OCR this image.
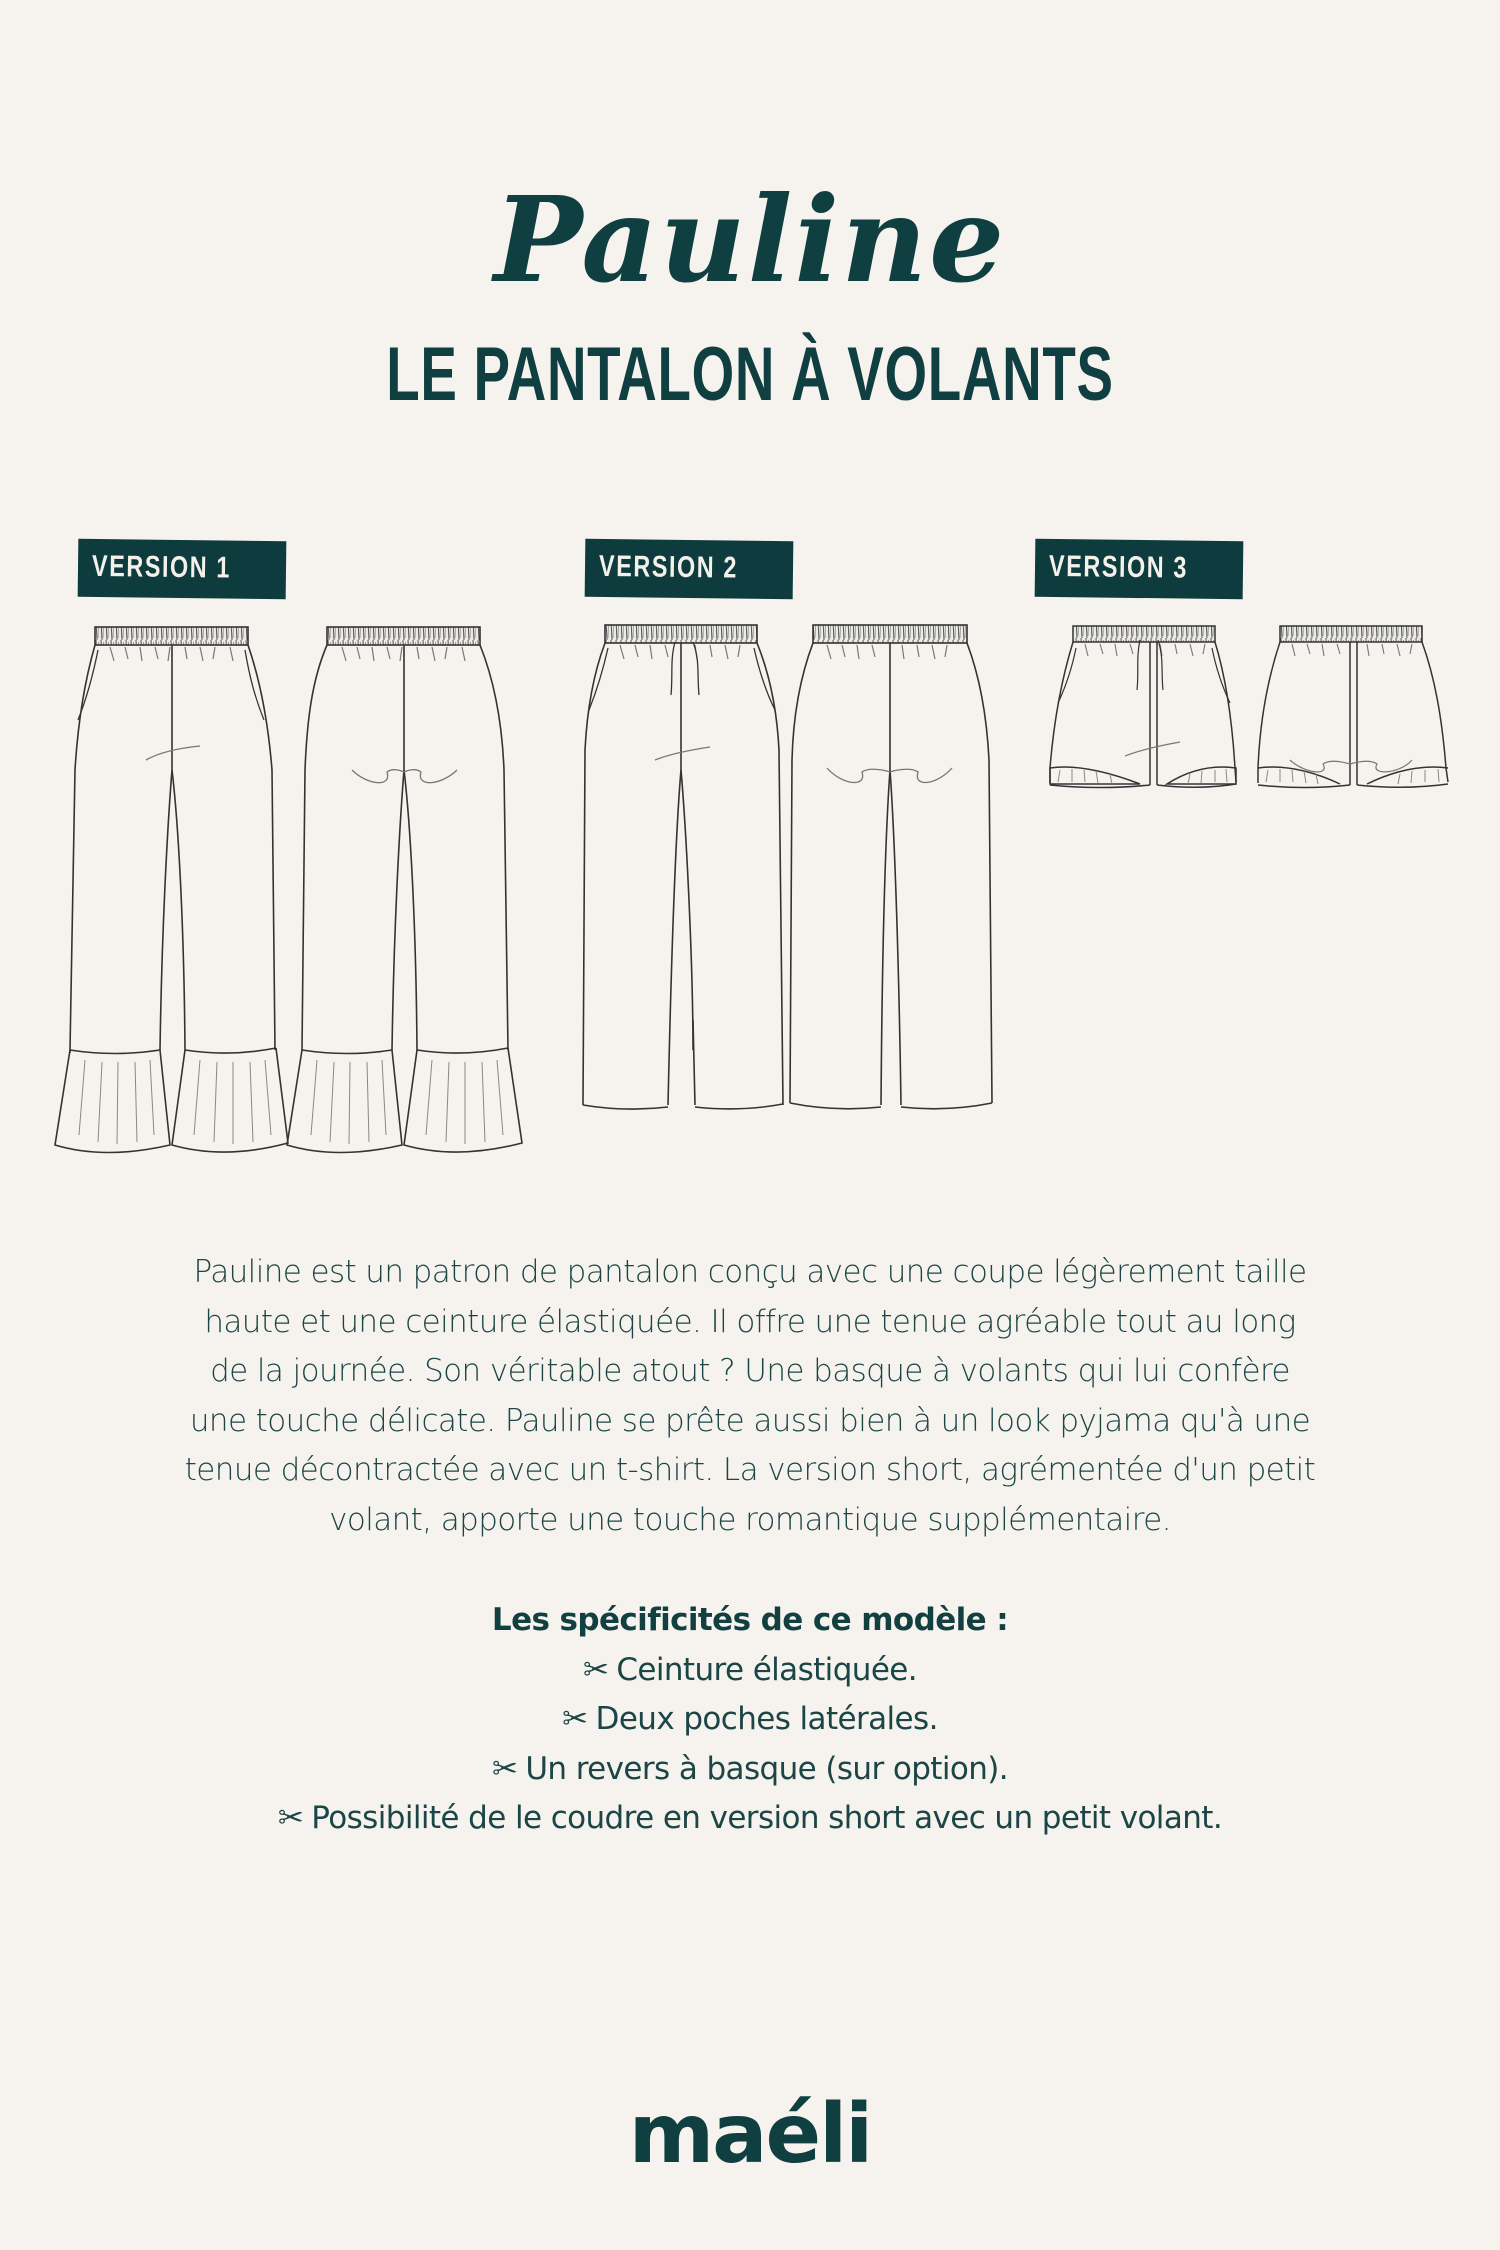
Pauline
LE PANTALON À VOLANTS
VERSION 1	VERSION 2	VERSION 3
Pauline est un patron de pantalon conçu avec une coupe légèrement taille
haute et une ceinture élastiquée. Il offre une tenue agréable tout au long
de la journée. Son véritable atout ? Une basque à volants qui lui confère
une touche délicate. Pauline se prête aussi bien à un look pyjama qu'à une
tenue décontractée avec un t-shirt. La version short, agrémentée d'un petit
volant, apporte une touche romantique supplémentaire.
Les spécificités de ce modèle :
✂ Ceinture élastiquée.
✂ Deux poches latérales.
✂ Un revers à basque (sur option).
✂ Possibilité de le coudre en version short avec un petit volant.
maéli
